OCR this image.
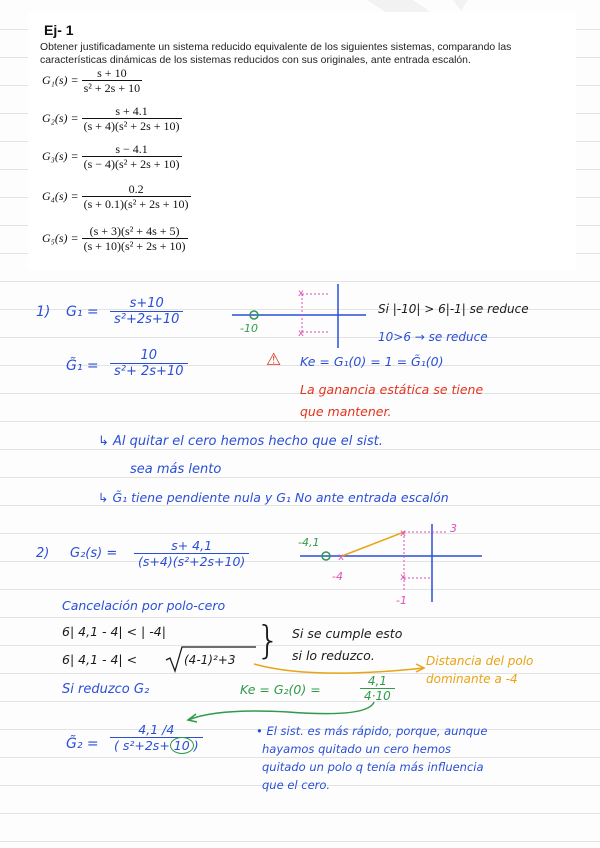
Ej- 1
Obtener justificadamente un sistema reducido equivalente de los siguientes sistemas, comparando las características dinámicas de los sistemas reducidos con sus originales, ante entrada escalón.
$G_1(s) = \frac{s + 10}{\text{s² + 2s + 10}}$
$G_2(s) = \frac{s + 4.1}{\text{(s + 4)(s² + 2s + 10)}}$
$G_3(s) = \frac{s - 4.1}{\text{(s − 4)(s² + 2s + 10)}}$
$G_4(s) = \frac{0.2}{\text{(s + 0.1)(s² + 2s + 10)}}$
$G_5(s) = \frac{\text{(s + 3)(s² + 4s + 5)}}{\text{(s + 10)(s² + 2s + 10)}}$
1) $G_1 = \frac{s+10}{\text{s²+2s+10}}$
x
x
-10
Si |-10| > 6|-1| se reduce
10>6 → se reduce
G̃₁ = $\frac{10}{\text{s²+ 2s+10}}$	⚠ Ke = G₁(0) = 1 = G̃₁(0)
La ganancia estática se tiene
que mantener.
↳ Al quitar el cero hemos hecho que el sist.
sea más lento
↳ G̃₁ tiene pendiente nula y G₁ No ante entrada escalón
2) $G_2(s) = \frac{s+ 4,1}{\text{(s+4)(s²+2s+10)}}$	x
x
x
-4,1
-4
3
-1
Cancelación por polo-cero
6| 4,1 - 4| < | -4|
6| 4,1 - 4| <	(4-1)²+3 } Si se cumple esto
si lo reduzco.	Distancia del polo
dominante a -4
Si reduzco G₂	Ke = G₂(0) =	$\frac{4,1}{4\cdot 10}$
G̃₂ = $\frac{4,1 /4}{\text{( s²+2s+ 10 )}}$	• El sist. es más rápido, porque, aunque
hayamos quitado un cero hemos
quitado un polo q tenía más influencia
que el cero.
